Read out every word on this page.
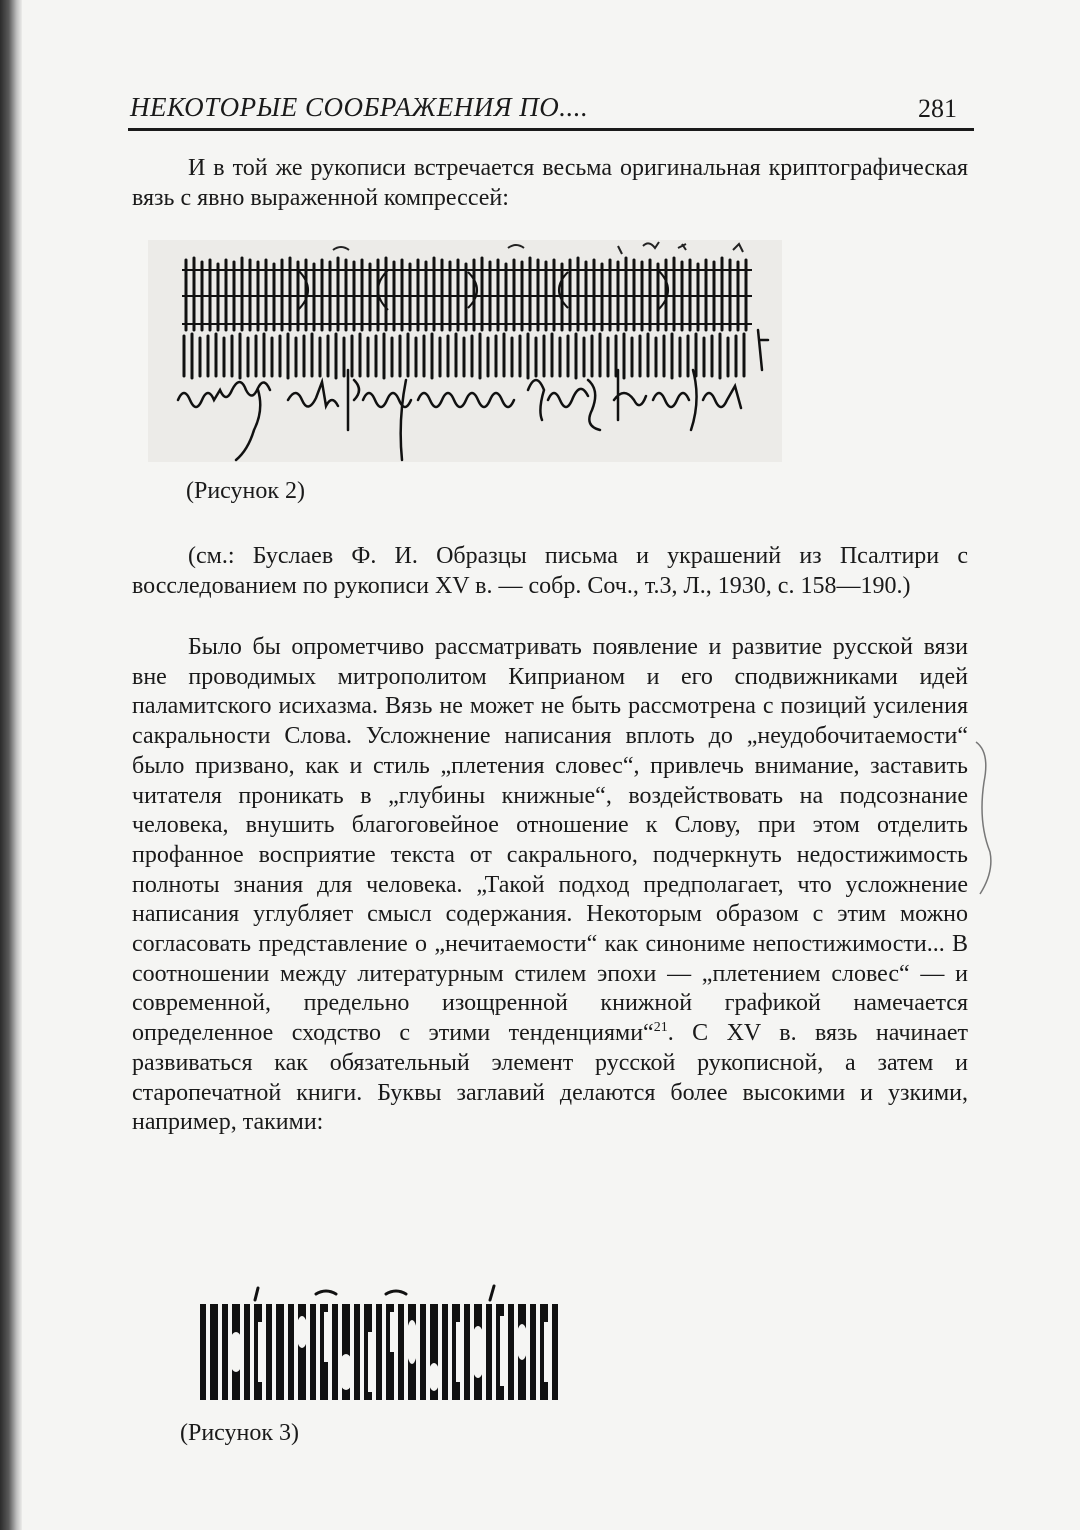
НЕКОТОРЫЕ СООБРАЖЕНИЯ ПО....	281

И в той же рукописи встречается весьма оригинальная криптографическая вязь с явно выраженной компрессей:

(Рисунок 2)

(см.: Буслаев Ф. И. Образцы письма и украшений из Псалтири с восследованием по рукописи XV в. — собр. Соч., т.3, Л., 1930, с. 158—190.)

Было бы опрометчиво рассматривать появление и развитие русской вязи вне проводимых митрополитом Киприаном и его сподвижниками идей паламитского исихазма. Вязь не может не быть рассмотрена с позиций усиления сакральности Слова. Усложнение написания вплоть до „неудобочитаемости“ было призвано, как и стиль „плетения словес“, привлечь внимание, заставить читателя проникать в „глубины книжные“, воздействовать на подсознание человека, внушить благоговейное отношение к Слову, при этом отделить профанное восприятие текста от сакрального, подчеркнуть недостижимость полноты знания для человека. „Такой подход предполагает, что усложнение написания углубляет смысл содержания. Некоторым образом с этим можно согласовать представление о „нечитаемости“ как синониме непостижимости... В соотношении между литературным стилем эпохи — „плетением словес“ — и современной, предельно изощренной книжной графикой намечается определенное сходство с этими тенденциями“$^{21}$. С XV в. вязь начинает развиваться как обязательный элемент русской рукописной, а затем и старопечатной книги. Буквы заглавий делаются более высокими и узкими, например, такими:

(Рисунок 3)
